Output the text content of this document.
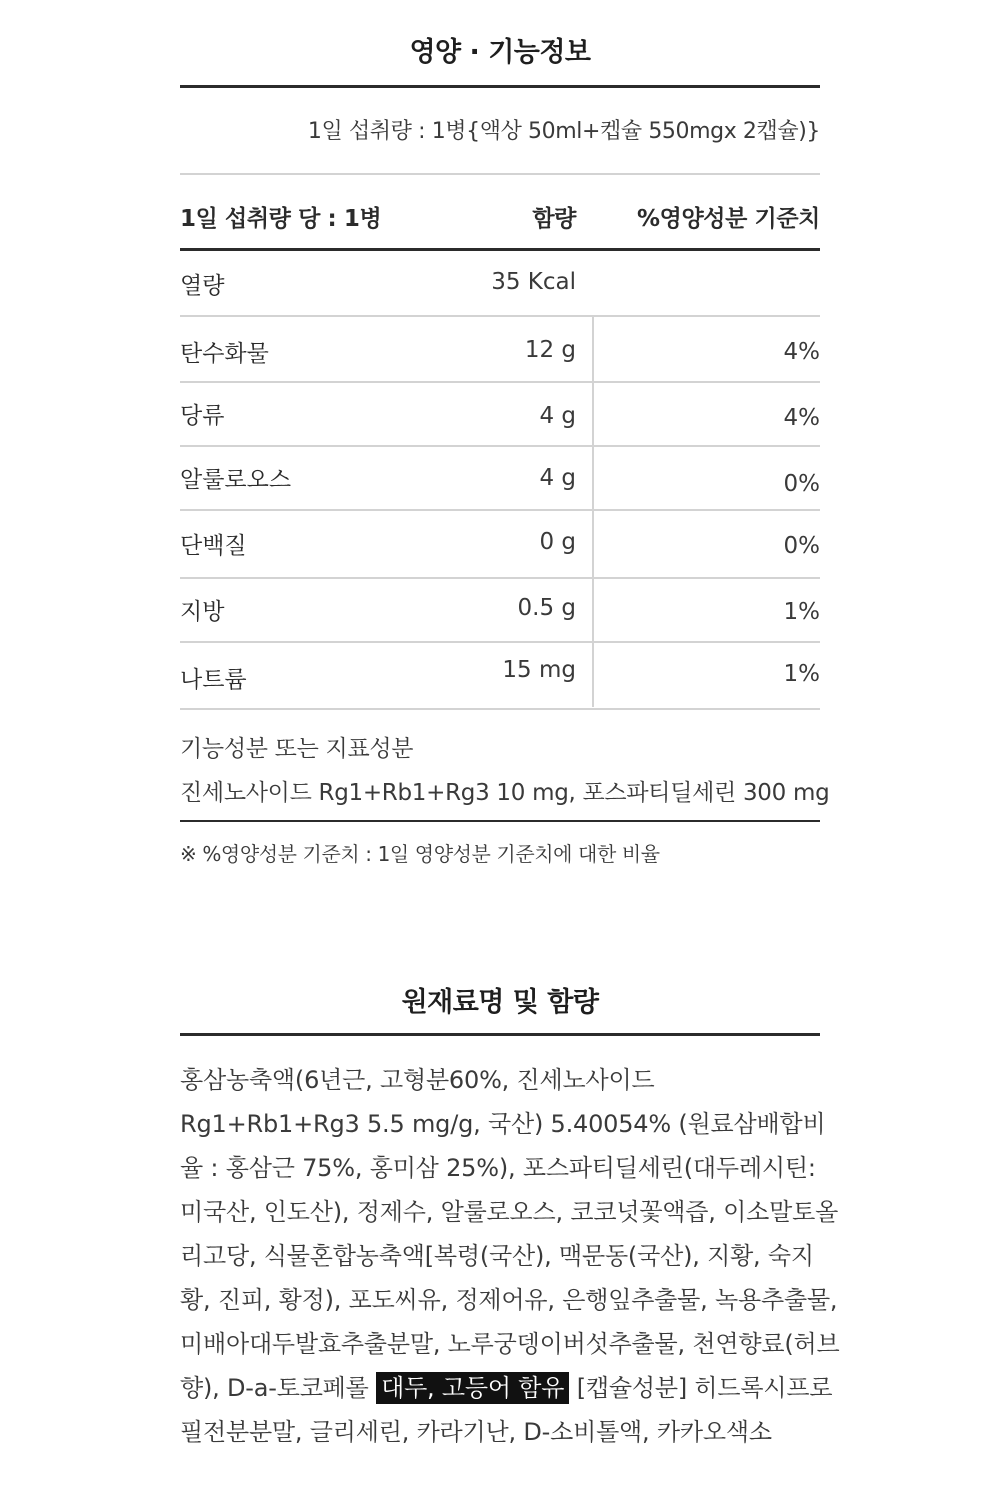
영양 · 기능정보
1일 섭취량 : 1병{액상 50ml+켑슐 550mgx 2캡슐)}
1일 섭취량 당 : 1병	함량	%영양성분 기준치
열량	35 Kcal
탄수화물	12 g	4%
당류	4 g	4%
알룰로오스	4 g	0%
단백질	0 g	0%
지방	0.5 g	1%
나트륨	15 mg	1%
기능성분 또는 지표성분
진세노사이드 Rg1+Rb1+Rg3 10 mg, 포스파티딜세린 300 mg
※ %영양성분 기준치 : 1일 영양성분 기준치에 대한 비율
원재료명 및 함량
홍삼농축액(6년근, 고형분60%, 진세노사이드 Rg1+Rb1+Rg3 5.5 mg/g, 국산) 5.40054% (원료삼배합비율 : 홍삼근 75%, 홍미삼 25%), 포스파티딜세린(대두레시틴: 미국산, 인도산), 정제수, 알룰로오스, 코코넛꽃액즙, 이소말토올리고당, 식물혼합농축액[복령(국산), 맥문동(국산), 지황, 숙지황, 진피, 황정), 포도씨유, 정제어유, 은행잎추출물, 녹용추출물, 미배아대두발효추출분말, 노루궁뎅이버섯추출물, 천연향료(허브향), D-a-토코페롤 대두, 고등어 함유 [캡슐성분] 히드록시프로필전분분말, 글리세린, 카라기난, D-소비톨액, 카카오색소
